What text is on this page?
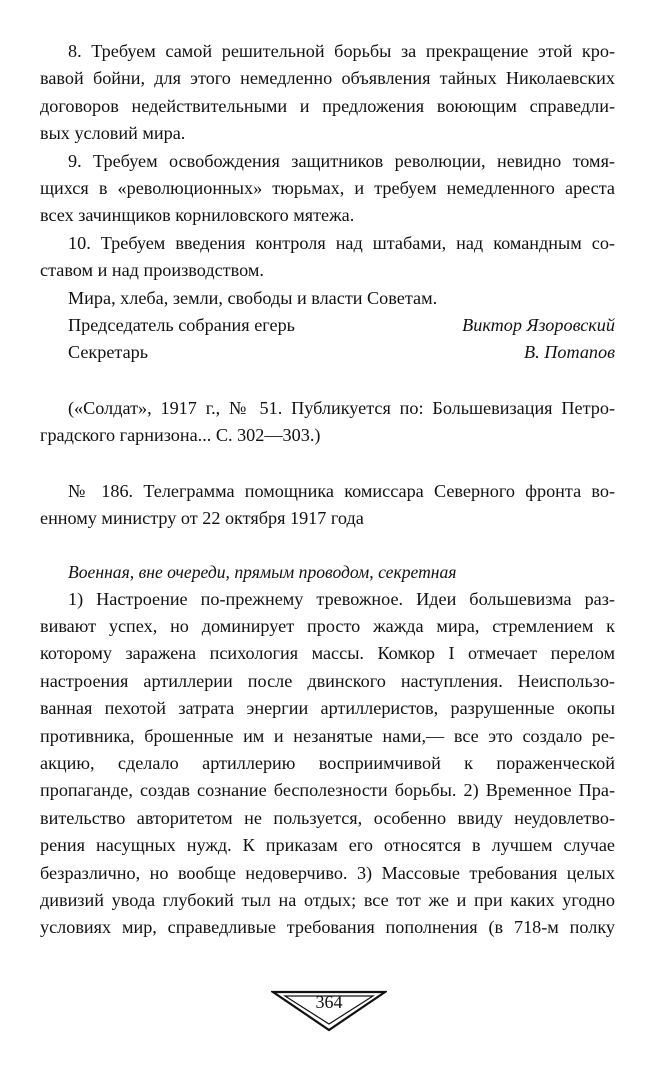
8. Требуем самой решительной борьбы за прекращение этой кро-
вавой бойни, для этого немедленно объявления тайных Николаевских
договоров недействительными и предложения воюющим справедли-
вых условий мира.

9. Требуем освобождения защитников революции, невидно томя-
щихся в «революционных» тюрьмах, и требуем немедленного ареста
всех зачинщиков корниловского мятежа.

10. Требуем введения контроля над штабами, над командным со-
ставом и над производством.

Мира, хлеба, земли, свободы и власти Советам.

Председатель собрания егерь	Виктор Язоровский
Секретарь	В. Потапов

(«Солдат», 1917 г., № 51. Публикуется по: Большевизация Петро-
градского гарнизона... С. 302—303.)

№ 186. Телеграмма помощника комиссара Северного фронта во-
енному министру от 22 октября 1917 года

Военная, вне очереди, прямым проводом, секретная

1) Настроение по-прежнему тревожное. Идеи большевизма раз-
вивают успех, но доминирует просто жажда мира, стремлением к
которому заражена психология массы. Комкор I отмечает перелом
настроения артиллерии после двинского наступления. Неиспользо-
ванная пехотой затрата энергии артиллеристов, разрушенные окопы
противника, брошенные им и незанятые нами,— все это создало ре-
акцию, сделало артиллерию восприимчивой к пораженческой
пропаганде, создав сознание бесполезности борьбы. 2) Временное Пра-
вительство авторитетом не пользуется, особенно ввиду неудовлетво-
рения насущных нужд. К приказам его относятся в лучшем случае
безразлично, но вообще недоверчиво. 3) Массовые требования целых
дивизий увода глубокий тыл на отдых; все тот же и при каких угодно
условиях мир, справедливые требования пополнения (в 718-м полку

364
